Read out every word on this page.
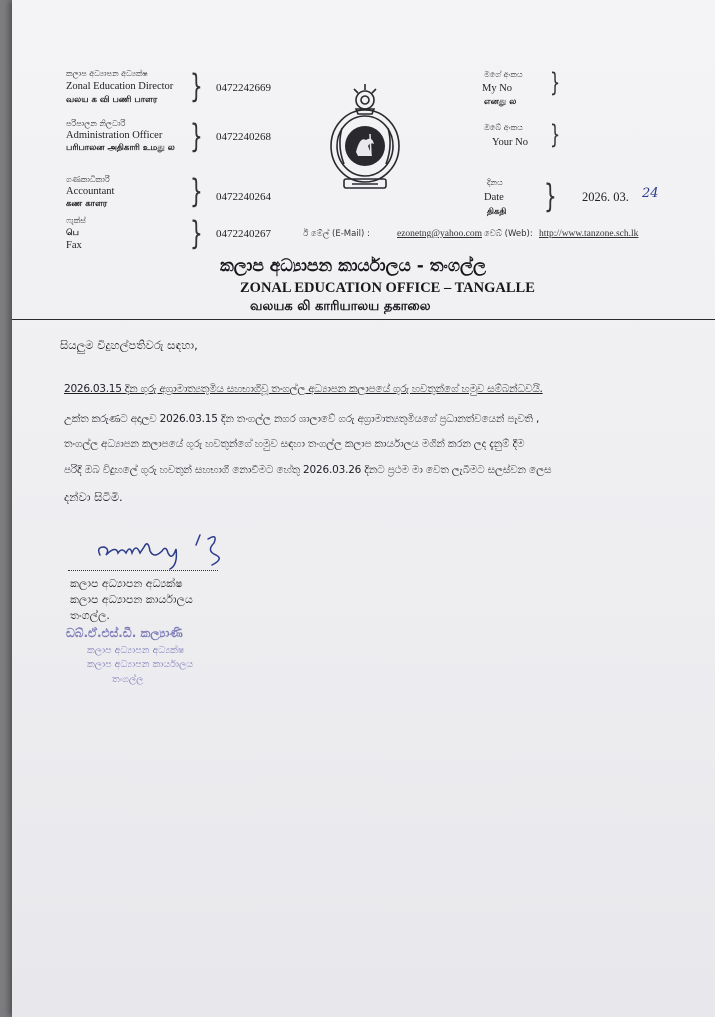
කලාප අධ්‍යාපන අධ්‍යක්ෂ
Zonal Education Director
வலய க வி பணி பாளர } 0472242669
පරිපාලන නිලධාරි
Administration Officer
பரிபாலன அதிகாரி உமது ல } 0472240268
ගණකාධිකාරි
Accountant
கண காளர	} 0472240264
ෆැක්ස්
பெ
Fax	} 0472240267
මගේ අංකය
My No
எனது ல
}
ඔබේ අංකය
Your No }
දිනය
Date
திகதி } 2026. 03. 24
ඊ මේල් (E-Mail) :	ezonetng@yahoo.com වෙබ් (Web): http://www.tanzone.sch.lk
කලාප අධ්‍යාපන කාර්යාලය - තංගල්ල
ZONAL EDUCATION OFFICE – TANGALLE
வலயக லி காரியாலய தகாலை
සියලුම විදුහල්පතිවරු සඳහා,
2026.03.15 දින ගුරු අග්‍රාමාත්‍යතුමිය සහභාගිවූ තංගල්ල අධ්‍යාපන කලාපයේ ගුරු හවතුන්ගේ හමුව සම්බන්ධවයි.
උක්ත කරුණට අදාලව 2026.03.15 දින තංගල්ල නගර ශාලාවේ ගරු අග්‍රාමාත්‍යතුමියගේ ප්‍රධානත්වයෙන් පැවති ,
තංගල්ල අධ්‍යාපන කලාපයේ ගුරු හවතුන්ගේ හමුව සඳහා තංගල්ල කලාප කාර්යාලය මගින් කරන ලද දැනුම් දීම
පරිදි ඔබ විදුහලේ ගුරු හවතුන් සහභාගී නොවීමට හේතු 2026.03.26 දිනට ප්‍රථම මා වෙත ලැබීමට සලස්වන ලෙස
දන්වා සිටිමි.
කලාප අධ්‍යාපන අධ්‍යක්ෂ
කලාප අධ්‍යාපන කාර්යාලය
තංගල්ල.
ඩබ්.ඒ.එස්.ඩී. කල්‍යාණි
කලාප අධ්‍යාපන අධ්‍යක්ෂ
කලාප අධ්‍යාපන කාර්යාලය
තංගල්ල
